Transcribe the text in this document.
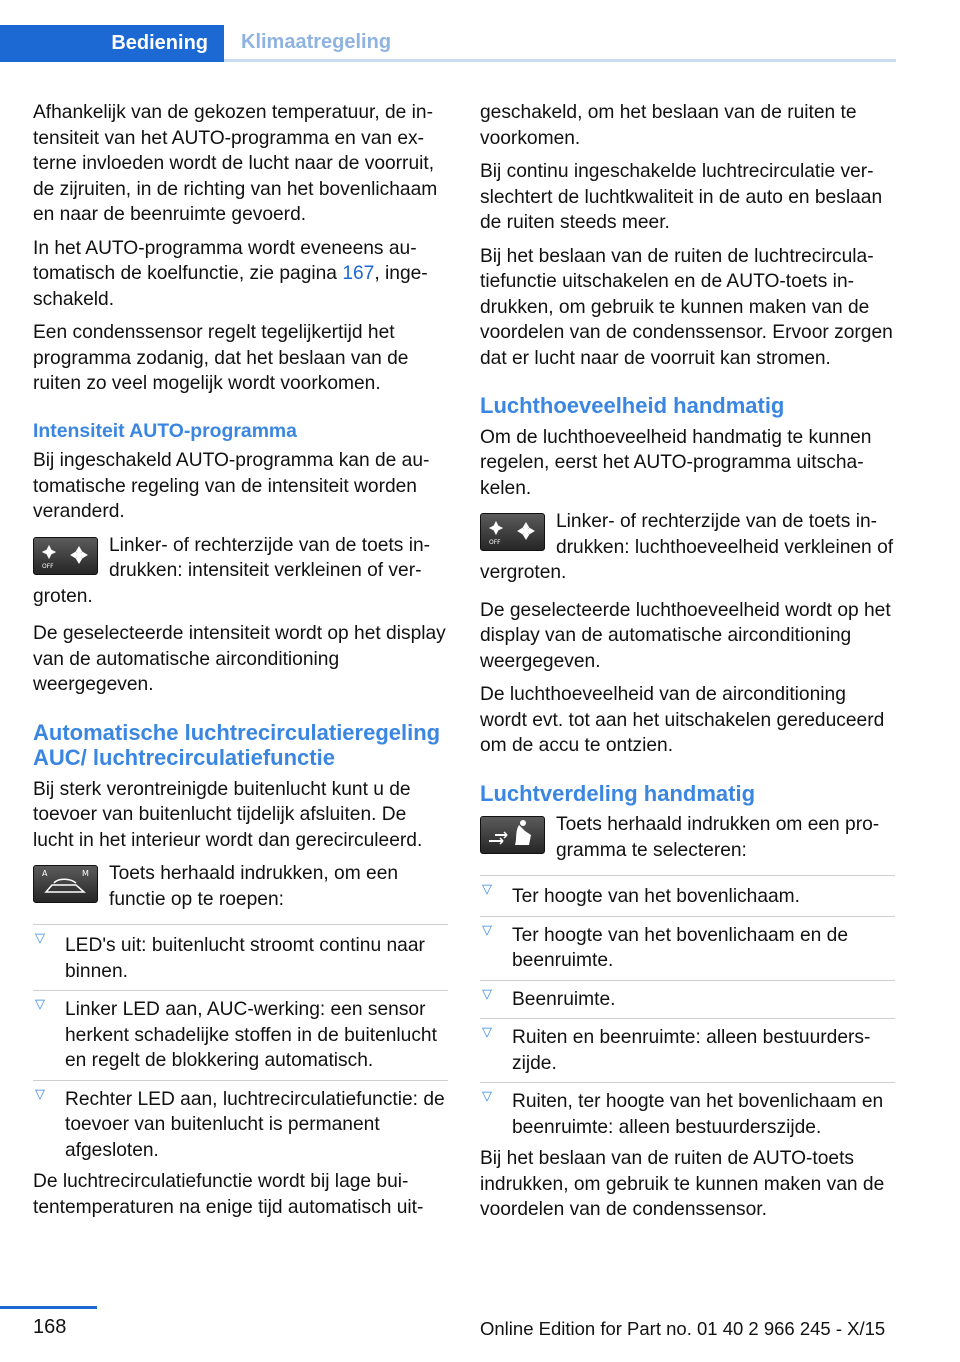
Bediening	Klimaatregeling

Afhankelijk van de gekozen temperatuur, de intensiteit van het AUTO-programma en van externe invloeden wordt de lucht naar de voorruit, de zijruiten, in de richting van het bovenlichaam en naar de beenruimte gevoerd.

In het AUTO-programma wordt eveneens automatisch de koelfunctie, zie pagina 167, ingeschakeld.

Een condenssensor regelt tegelijkertijd het programma zodanig, dat het beslaan van de ruiten zo veel mogelijk wordt voorkomen.

Intensiteit AUTO-programma

Bij ingeschakeld AUTO-programma kan de automatische regeling van de intensiteit worden veranderd.

OFF
Linker- of rechterzijde van de toets indrukken: intensiteit verkleinen of vergroten.

De geselecteerde intensiteit wordt op het display van de automatische airconditioning weergegeven.

Automatische luchtrecirculatieregeling AUC/ luchtrecirculatiefunctie

Bij sterk verontreinigde buitenlucht kunt u de toevoer van buitenlucht tijdelijk afsluiten. De lucht in het interieur wordt dan gerecirculeerd.

A	M Toets herhaald indrukken, om een functie op te roepen:
▽ LED's uit: buitenlucht stroomt continu naar binnen.
▽ Linker LED aan, AUC-werking: een sensor herkent schadelijke stoffen in de buitenlucht en regelt de blokkering automatisch.
▽ Rechter LED aan, luchtrecirculatiefunctie: de toevoer van buitenlucht is permanent afgesloten.

De luchtrecirculatiefunctie wordt bij lage buitentemperaturen na enige tijd automatisch uit-

geschakeld, om het beslaan van de ruiten te voorkomen.

Bij continu ingeschakelde luchtrecirculatie verslechtert de luchtkwaliteit in de auto en beslaan de ruiten steeds meer.

Bij het beslaan van de ruiten de luchtrecirculatiefunctie uitschakelen en de AUTO-toets indrukken, om gebruik te kunnen maken van de voordelen van de condenssensor. Ervoor zorgen dat er lucht naar de voorruit kan stromen.

Luchthoeveelheid handmatig

Om de luchthoeveelheid handmatig te kunnen regelen, eerst het AUTO-programma uitschakelen.

OFF
Linker- of rechterzijde van de toets indrukken: luchthoeveelheid verkleinen of vergroten.

De geselecteerde luchthoeveelheid wordt op het display van de automatische airconditioning weergegeven.

De luchthoeveelheid van de airconditioning wordt evt. tot aan het uitschakelen gereduceerd om de accu te ontzien.

Luchtverdeling handmatig
Toets herhaald indrukken om een programma te selecteren:
▽ Ter hoogte van het bovenlichaam.
▽ Ter hoogte van het bovenlichaam en de beenruimte.
▽ Beenruimte.
▽ Ruiten en beenruimte: alleen bestuurderszijde.
▽ Ruiten, ter hoogte van het bovenlichaam en beenruimte: alleen bestuurderszijde.

Bij het beslaan van de ruiten de AUTO-toets indrukken, om gebruik te kunnen maken van de voordelen van de condenssensor.

168	Online Edition for Part no. 01 40 2 966 245 - X/15
